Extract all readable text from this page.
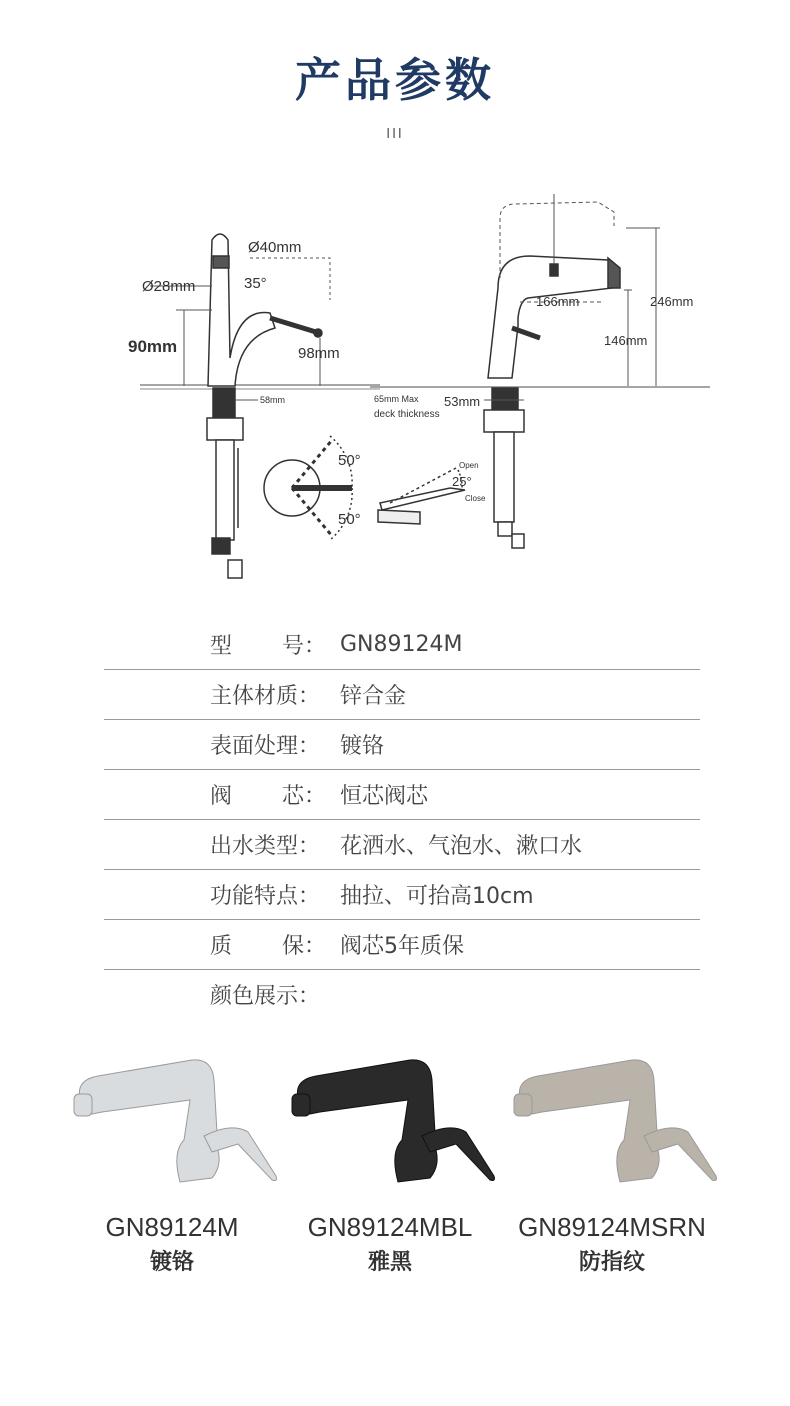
产品参数
III
Ø40mm
Ø28mm	35°
90mm	98mm
58mm
50°
50°
Open
25°
Close
166mm	246mm
146mm
65mm Max
deck thickness
53mm
型 号： GN89124M
主体材质： 锌合金
表面处理： 镀铬
阀 芯： 恒芯阀芯
出水类型： 花洒水、气泡水、漱口水
功能特点： 抽拉、可抬高10cm
质 保： 阀芯5年质保
颜色展示：
GN89124M
镀铬
GN89124MBL
雅黑
GN89124MSRN
防指纹
